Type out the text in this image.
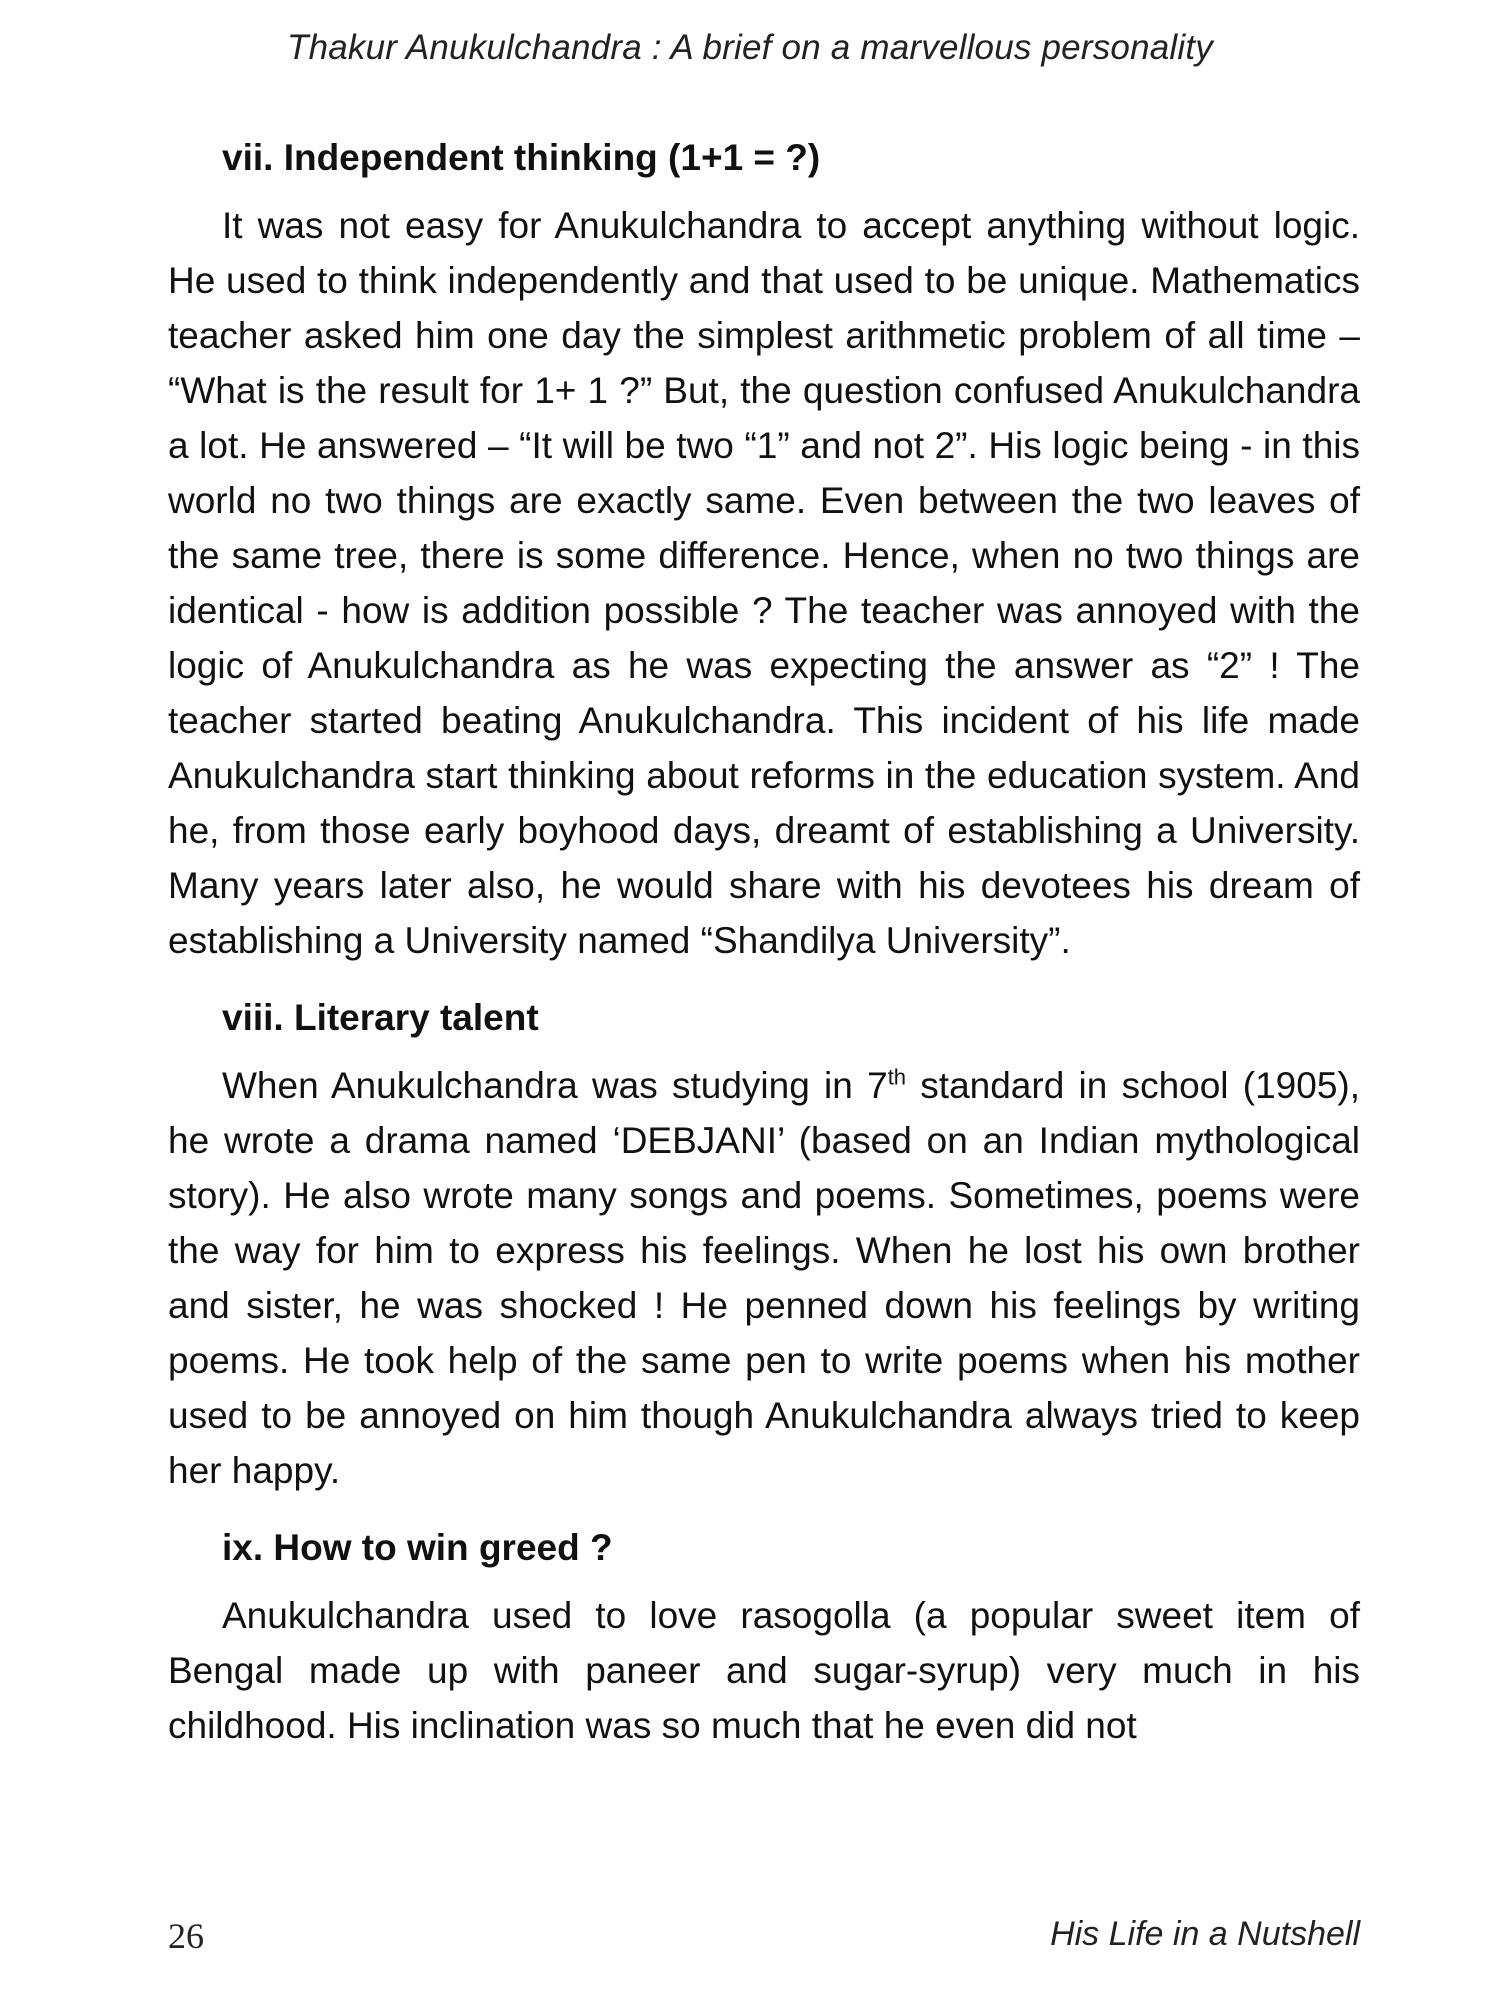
Thakur Anukulchandra : A brief on a marvellous personality
vii. Independent thinking (1+1 = ?)

It was not easy for Anukulchandra to accept anything without logic. He used to think independently and that used to be unique. Mathematics teacher asked him one day the simplest arithmetic problem of all time – “What is the result for 1+ 1 ?” But, the question confused Anukulchandra a lot. He answered – “It will be two “1” and not 2”. His logic being - in this world no two things are exactly same. Even between the two leaves of the same tree, there is some difference. Hence, when no two things are identical - how is addition possible ? The teacher was annoyed with the logic of Anukulchandra as he was expecting the answer as “2” ! The teacher started beating Anukulchandra. This incident of his life made Anukulchandra start thinking about reforms in the education system. And he, from those early boyhood days, dreamt of establishing a University. Many years later also, he would share with his devotees his dream of establishing a University named “Shandilya University”.

viii. Literary talent

When Anukulchandra was studying in 7th standard in school (1905), he wrote a drama named ‘DEBJANI’ (based on an Indian mythological story). He also wrote many songs and poems. Sometimes, poems were the way for him to express his feelings. When he lost his own brother and sister, he was shocked ! He penned down his feelings by writing poems. He took help of the same pen to write poems when his mother used to be annoyed on him though Anukulchandra always tried to keep her happy.

ix. How to win greed ?

Anukulchandra used to love rasogolla (a popular sweet item of Bengal made up with paneer and sugar-syrup) very much in his childhood. His inclination was so much that he even did not

26	His Life in a Nutshell
